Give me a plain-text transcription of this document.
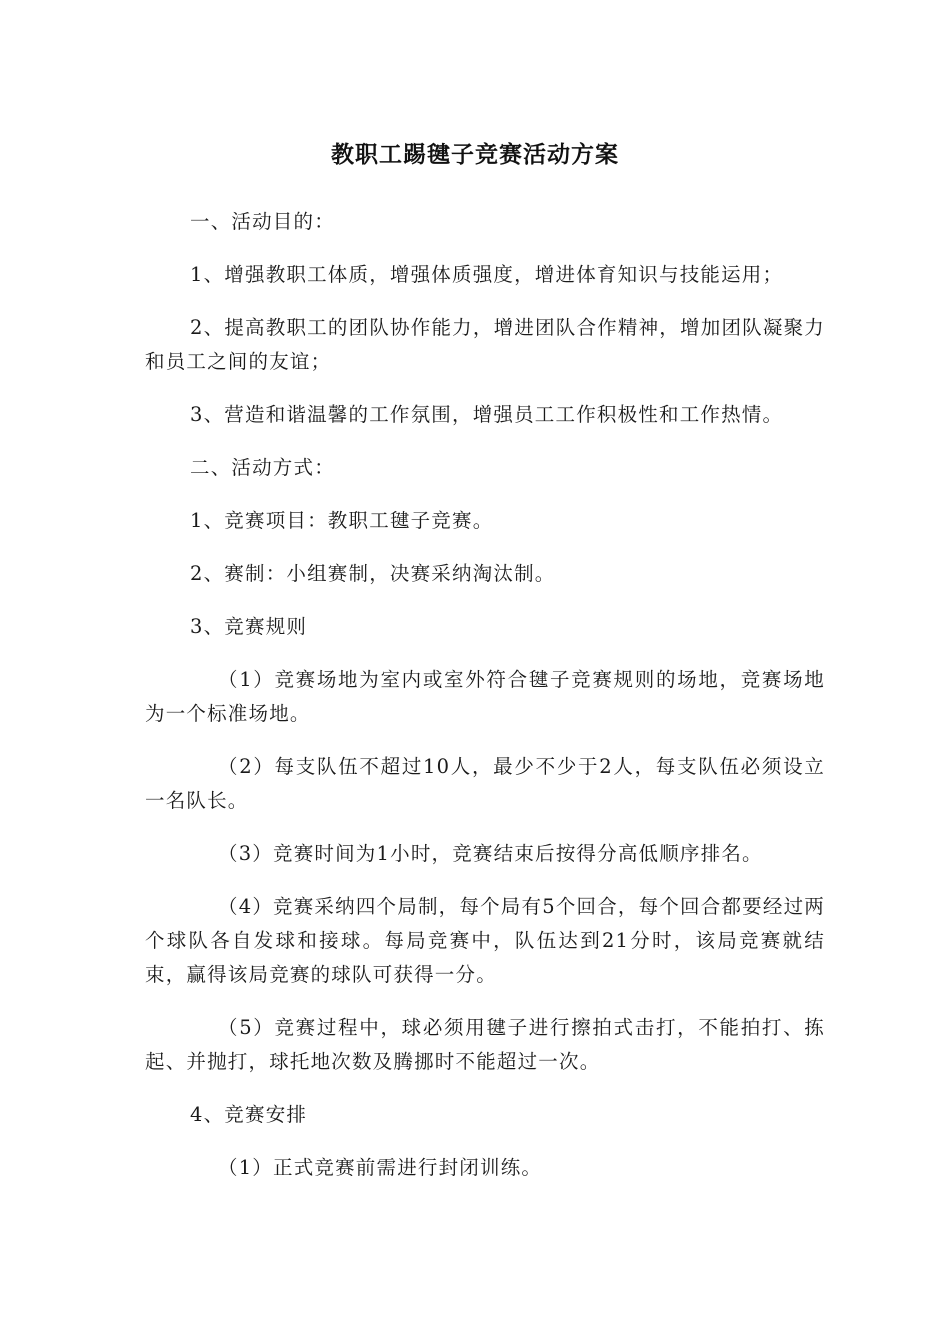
教职工踢毽子竞赛活动方案

一、活动目的：

1、增强教职工体质，增强体质强度，增进体育知识与技能运用；

2、提高教职工的团队协作能力，增进团队合作精神，增加团队凝聚力和员工之间的友谊；

3、营造和谐温馨的工作氛围，增强员工工作积极性和工作热情。

二、活动方式：

1、竞赛项目：教职工毽子竞赛。

2、赛制：小组赛制，决赛采纳淘汰制。

3、竞赛规则

（1）竞赛场地为室内或室外符合毽子竞赛规则的场地，竞赛场地为一个标准场地。

（2）每支队伍不超过10人，最少不少于2人，每支队伍必须设立一名队长。

（3）竞赛时间为1小时，竞赛结束后按得分高低顺序排名。

（4）竞赛采纳四个局制，每个局有5个回合，每个回合都要经过两个球队各自发球和接球。每局竞赛中，队伍达到21分时，该局竞赛就结束，赢得该局竞赛的球队可获得一分。

（5）竞赛过程中，球必须用毽子进行擦拍式击打，不能拍打、拣起、并抛打，球托地次数及腾挪时不能超过一次。

4、竞赛安排

（1）正式竞赛前需进行封闭训练。
